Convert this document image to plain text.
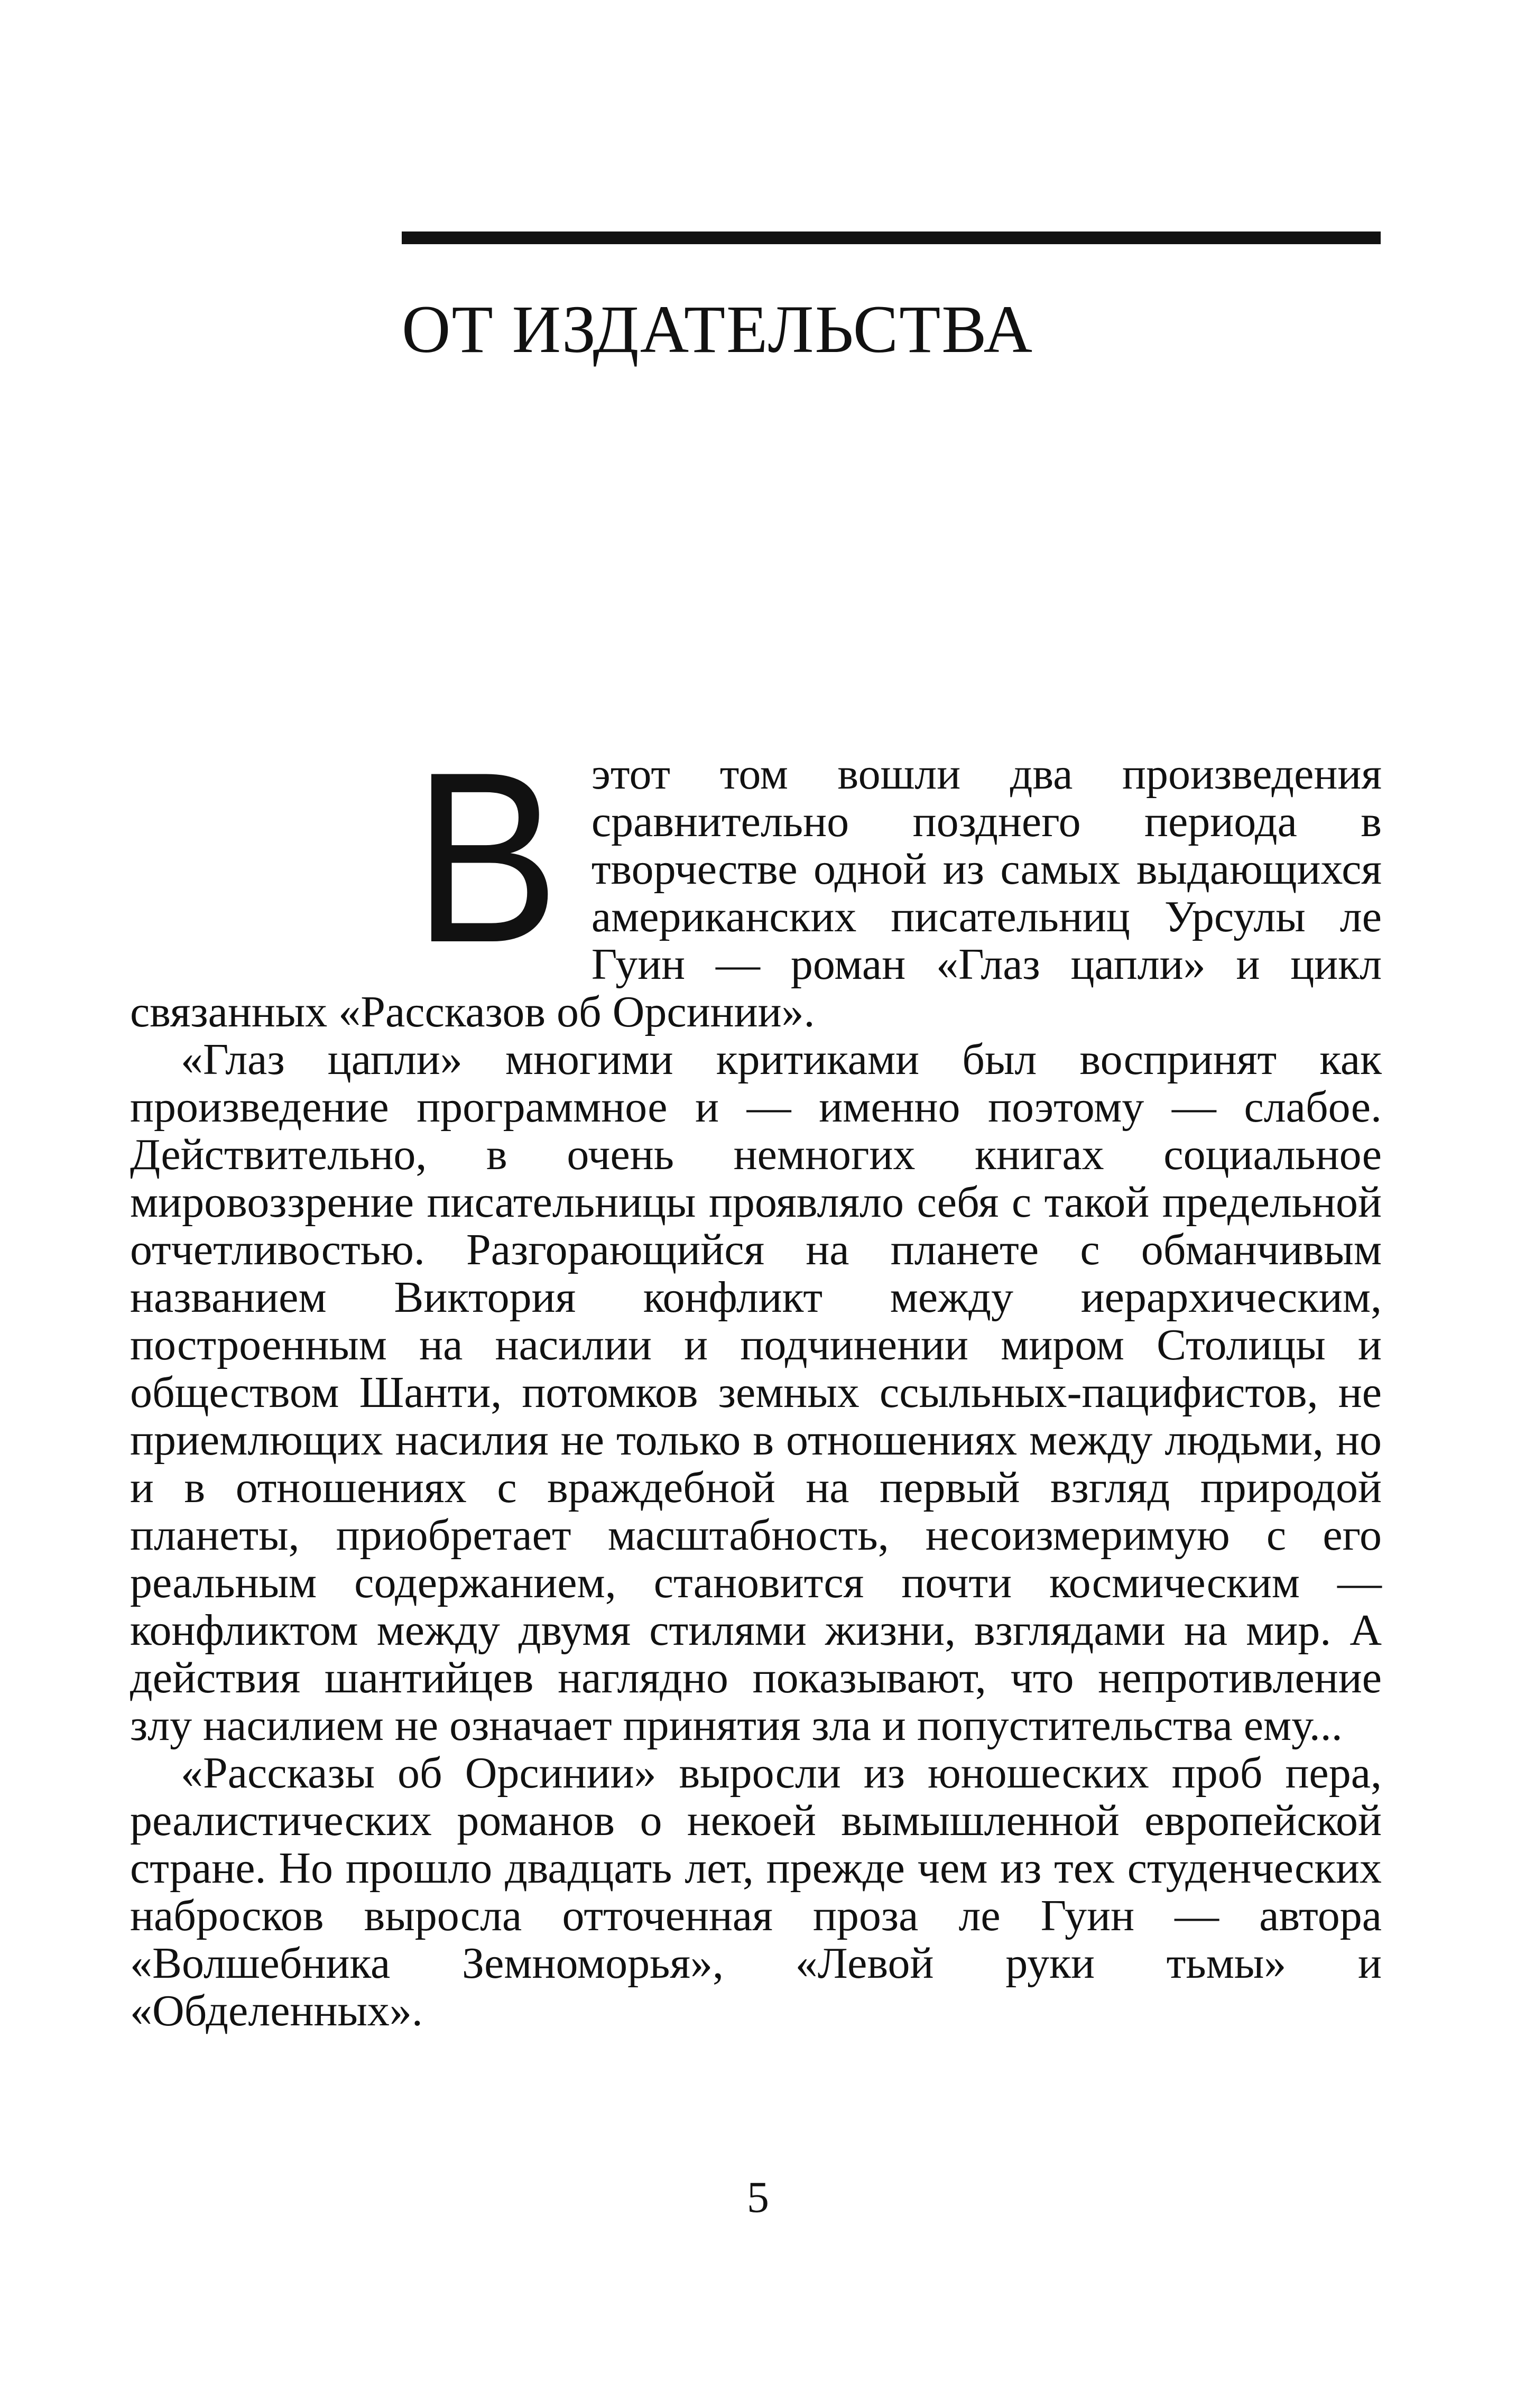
ОТ ИЗДАТЕЛЬСТВА

В этот том вошли два произведения сравнительно позднего периода в творчестве одной из самых выдающихся американских писательниц Урсулы ле Гуин — роман «Глаз цапли» и цикл связанных «Рассказов об Орсинии».

«Глаз цапли» многими критиками был воспринят как произведение программное и — именно поэтому — слабое. Действительно, в очень немногих книгах социальное мировоззрение писательницы проявляло себя с такой предельной отчетливостью. Разгорающийся на планете с обманчивым названием Виктория конфликт между иерархическим, построенным на насилии и подчинении миром Столицы и обществом Шанти, потомков земных ссыльных-пацифистов, не приемлющих насилия не только в отношениях между людьми, но и в отношениях с враждебной на первый взгляд природой планеты, приобретает масштабность, несоизмеримую с его реальным содержанием, становится почти космическим — конфликтом между двумя стилями жизни, взглядами на мир. А действия шантийцев наглядно показывают, что непротивление злу насилием не означает принятия зла и попустительства ему...

«Рассказы об Орсинии» выросли из юношеских проб пера, реалистических романов о некоей вымышленной европейской стране. Но прошло двадцать лет, прежде чем из тех студенческих набросков выросла отточенная проза ле Гуин — автора «Волшебника Земноморья», «Левой руки тьмы» и «Обделенных».

5
